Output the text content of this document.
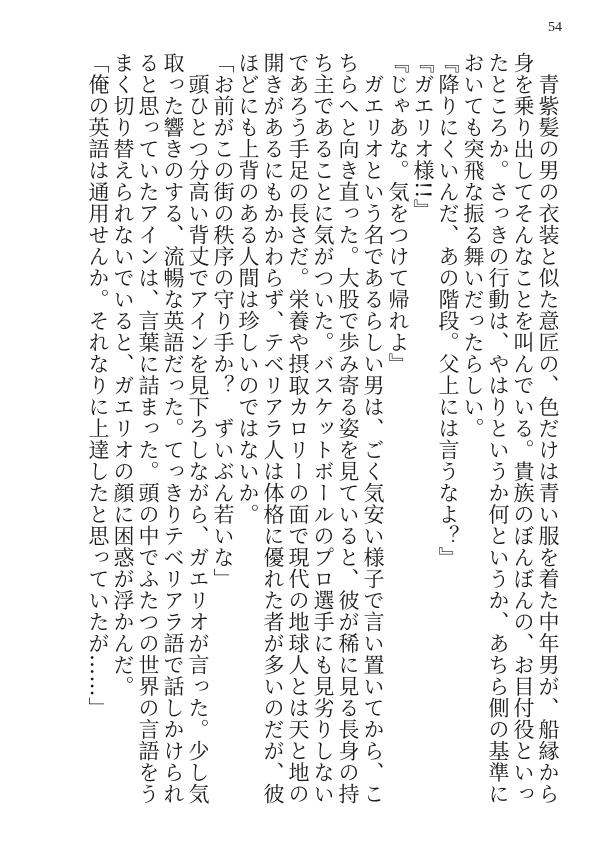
54

　青紫髪の男の衣装と似た意匠の、色だけは青い服を着た中年男が、船縁から身を乗り出してそんなことを叫んでいる。貴族のぼんぼんの、お目付役といったところか。さっきの行動は、やはりというか何というか、あちら側の基準においても突飛な振る舞いだったらしい。

『降りにくいんだ、あの階段。父上には言うなよ？』

『ガエリオ様!!』

『じゃあな。気をつけて帰れよ』

　ガエリオという名であるらしい男は、ごく気安い様子で言い置いてから、こちらへと向き直った。大股で歩み寄る姿を見ていると、彼が稀に見る長身の持ち主であることに気がついた。バスケットボールのプロ選手にも見劣りしないであろう手足の長さだ。栄養や摂取カロリーの面で現代の地球人とは天と地の開きがあるにもかかわらず、テベリアラ人は体格に優れた者が多いのだが、彼ほどにも上背のある人間は珍しいのではないか。

「お前がこの街の秩序の守り手か？　ずいぶん若いな」

　頭ひとつ分高い背丈でアインを見下ろしながら、ガエリオが言った。少し気取った響きのする、流暢な英語だった。てっきりテベリアラ語で話しかけられると思っていたアインは、言葉に詰まった。頭の中でふたつの世界の言語をうまく切り替えられないでいると、ガエリオの顔に困惑が浮かんだ。

「俺の英語は通用せんか。それなりに上達したと思っていたが……」
